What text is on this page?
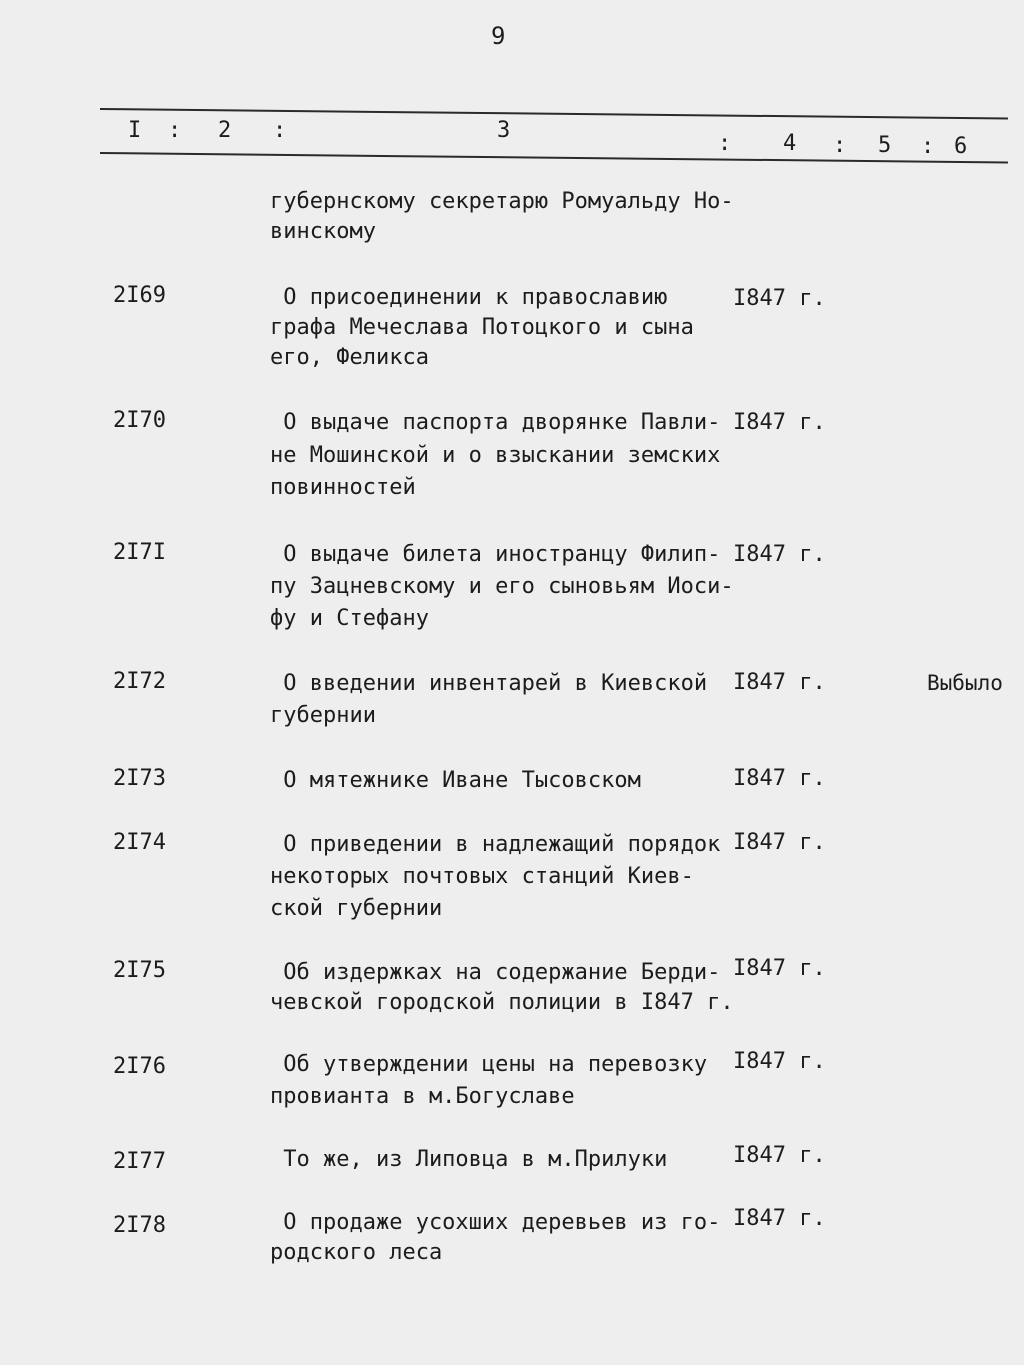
9
I : 2 :	3
: 4 : 5 : 6
губернскому секретарю Ромуальду Но-
винскому
2I69	О присоединении к православию
графа Мечеслава Потоцкого и сына
его, Феликса
I847 г.
2I70	О выдаче паспорта дворянке Павли-
не Мошинской и о взыскании земских
повинностей
I847 г.
2I7I	О выдаче билета иностранцу Филип-
пу Зацневскому и его сыновьям Иоси-
фу и Стефану
I847 г.
2I72	О введении инвентарей в Киевской
губернии
I847 г.	Выбыло
2I73	О мятежнике Иване Тысовском	I847 г.
2I74	О приведении в надлежащий порядок
некоторых почтовых станций Киев-
ской губернии
I847 г.
2I75	Об издержках на содержание Берди-
чевской городской полиции в I847 г.
I847 г.
2I76	Об утверждении цены на перевозку
провианта в м.Богуславе
I847 г.
2I77	То же, из Липовца в м.Прилуки	I847 г.
2I78	О продаже усохших деревьев из го-
родского леса
I847 г.
